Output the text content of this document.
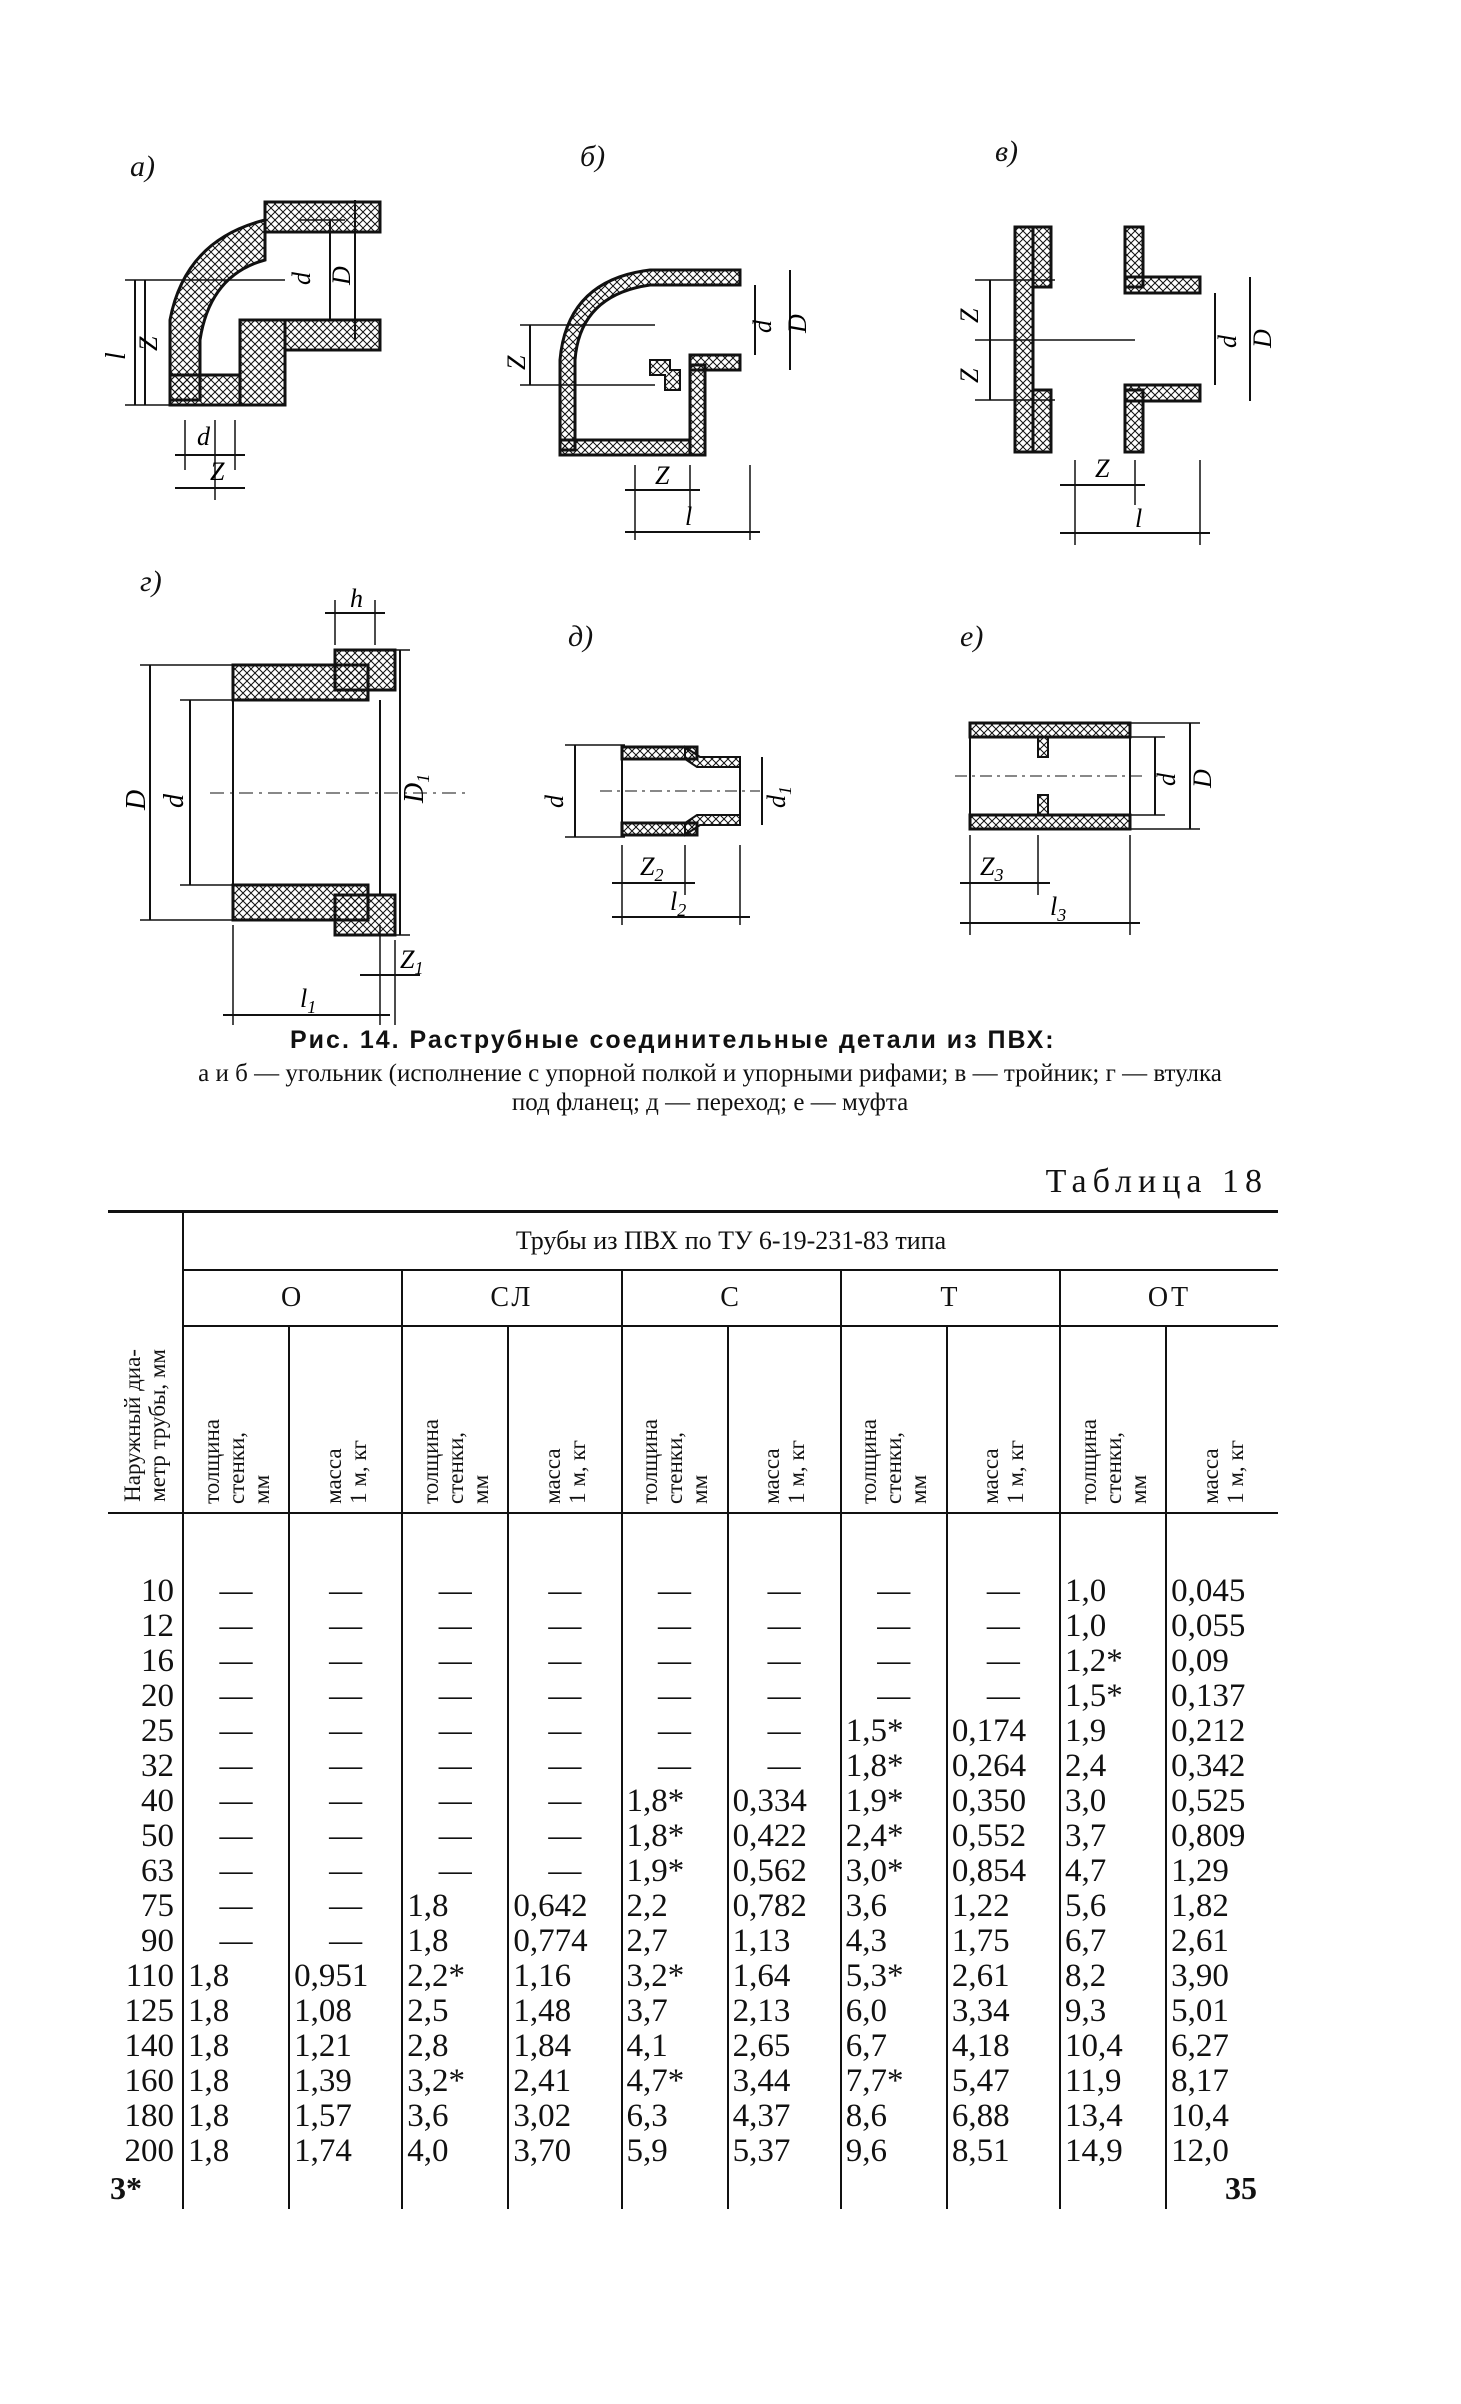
а)
l
Z
d D
d
Z
б)
Z
d D
Z
l
в)
Z
Z
d D
Z
l
г)
h
D d	$D_1$
$Z_1$
$l_1$
д)
d	$d_1$
$Z_2$
$l_2$
е)
d D
$Z_3$
$l_3$
Рис. 14. Раструбные соединительные детали из ПВХ:
а и б — угольник (исполнение с упорной полкой и упорными рифами; в — тройник; г — втулка под фланец; д — переход; е — муфта
Таблица 18
Наружный диа-
метр трубы, мм	Трубы из ПВХ по ТУ 6-19-231-83 типа									
	О		СЛ		С		Т		ОТ	

	толщина
стенки,
мм	масса
1 м, кг	толщина
стенки,
мм	масса
1 м, кг	толщина
стенки,
мм	масса
1 м, кг	толщина
стенки,
мм	масса
1 м, кг	толщина
стенки,
мм	масса
1 м, кг

10	—	—	—	—	—	—	—	—	1,0	0,045
12	—	—	—	—	—	—	—	—	1,0	0,055
16	—	—	—	—	—	—	—	—	1,2*	0,09
20	—	—	—	—	—	—	—	—	1,5*	0,137
25	—	—	—	—	—	—	1,5*	0,174	1,9	0,212
32	—	—	—	—	—	—	1,8*	0,264	2,4	0,342
40	—	—	—	—	1,8*	0,334	1,9*	0,350	3,0	0,525
50	—	—	—	—	1,8*	0,422	2,4*	0,552	3,7	0,809
63	—	—	—	—	1,9*	0,562	3,0*	0,854	4,7	1,29
75	—	—	1,8	0,642	2,2	0,782	3,6	1,22	5,6	1,82
90	—	—	1,8	0,774	2,7	1,13	4,3	1,75	6,7	2,61
110	1,8	0,951	2,2*	1,16	3,2*	1,64	5,3*	2,61	8,2	3,90
125	1,8	1,08	2,5	1,48	3,7	2,13	6,0	3,34	9,3	5,01
140	1,8	1,21	2,8	1,84	4,1	2,65	6,7	4,18	10,4	6,27
160	1,8	1,39	3,2*	2,41	4,7*	3,44	7,7*	5,47	11,9	8,17
180	1,8	1,57	3,6	3,02	6,3	4,37	8,6	6,88	13,4	10,4
200	1,8	1,74	4,0	3,70	5,9	5,37	9,6	8,51	14,9	12,0

3*	35
